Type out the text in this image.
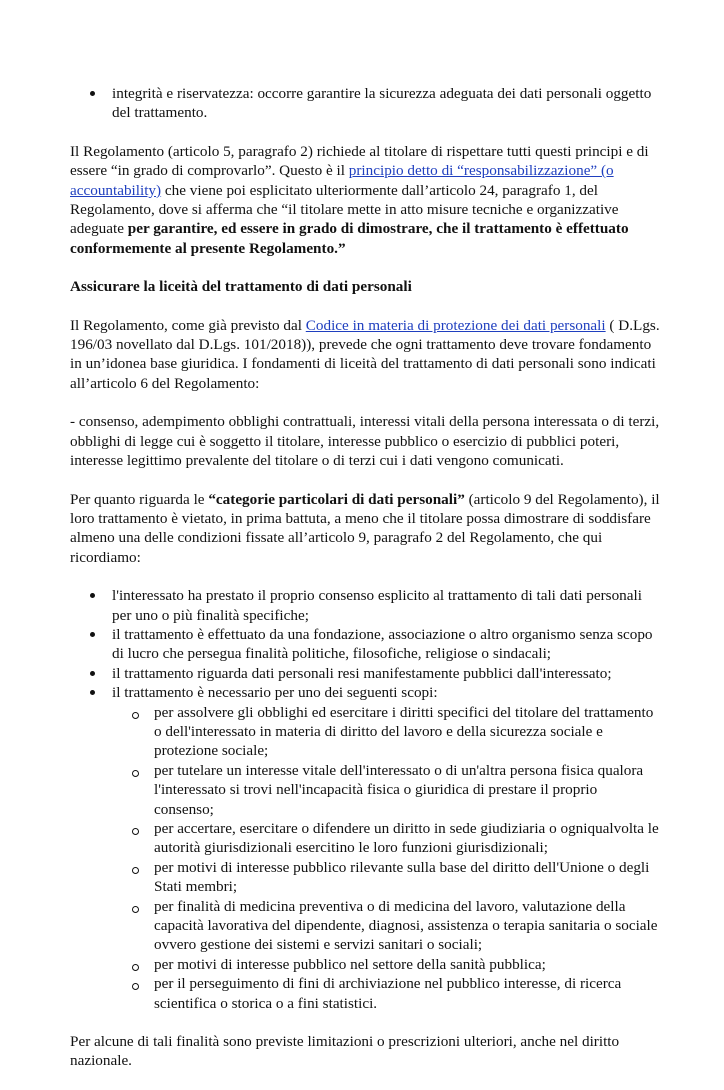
integrità e riservatezza: occorre garantire la sicurezza adeguata dei dati personali oggetto del trattamento.

Il Regolamento (articolo 5, paragrafo 2) richiede al titolare di rispettare tutti questi principi e di essere “in grado di comprovarlo”. Questo è il principio detto di “responsabilizzazione” (o accountability) che viene poi esplicitato ulteriormente dall’articolo 24, paragrafo 1, del Regolamento, dove si afferma che “il titolare mette in atto misure tecniche e organizzative adeguate per garantire, ed essere in grado di dimostrare, che il trattamento è effettuato conformemente al presente Regolamento.”

Assicurare la liceità del trattamento di dati personali

Il Regolamento, come già previsto dal Codice in materia di protezione dei dati personali ( D.Lgs. 196/03 novellato dal D.Lgs. 101/2018)), prevede che ogni trattamento deve trovare fondamento in un’idonea base giuridica. I fondamenti di liceità del trattamento di dati personali sono indicati all’articolo 6 del Regolamento:

- consenso, adempimento obblighi contrattuali, interessi vitali della persona interessata o di terzi, obblighi di legge cui è soggetto il titolare, interesse pubblico o esercizio di pubblici poteri, interesse legittimo prevalente del titolare o di terzi cui i dati vengono comunicati.

Per quanto riguarda le “categorie particolari di dati personali” (articolo 9 del Regolamento), il loro trattamento è vietato, in prima battuta, a meno che il titolare possa dimostrare di soddisfare almeno una delle condizioni fissate all’articolo 9, paragrafo 2 del Regolamento, che qui ricordiamo:

l'interessato ha prestato il proprio consenso esplicito al trattamento di tali dati personali per uno o più finalità specifiche;
il trattamento è effettuato da una fondazione, associazione o altro organismo senza scopo di lucro che persegua finalità politiche, filosofiche, religiose o sindacali;
il trattamento riguarda dati personali resi manifestamente pubblici dall'interessato;
il trattamento è necessario per uno dei seguenti scopi:
per assolvere gli obblighi ed esercitare i diritti specifici del titolare del trattamento o dell'interessato in materia di diritto del lavoro e della sicurezza sociale e protezione sociale;
per tutelare un interesse vitale dell'interessato o di un'altra persona fisica qualora l'interessato si trovi nell'incapacità fisica o giuridica di prestare il proprio consenso;
per accertare, esercitare o difendere un diritto in sede giudiziaria o ogniqualvolta le autorità giurisdizionali esercitino le loro funzioni giurisdizionali;
per motivi di interesse pubblico rilevante sulla base del diritto dell'Unione o degli Stati membri;
per finalità di medicina preventiva o di medicina del lavoro, valutazione della capacità lavorativa del dipendente, diagnosi, assistenza o terapia sanitaria o sociale ovvero gestione dei sistemi e servizi sanitari o sociali;
per motivi di interesse pubblico nel settore della sanità pubblica;
per il perseguimento di fini di archiviazione nel pubblico interesse, di ricerca scientifica o storica o a fini statistici.

Per alcune di tali finalità sono previste limitazioni o prescrizioni ulteriori, anche nel diritto nazionale.
